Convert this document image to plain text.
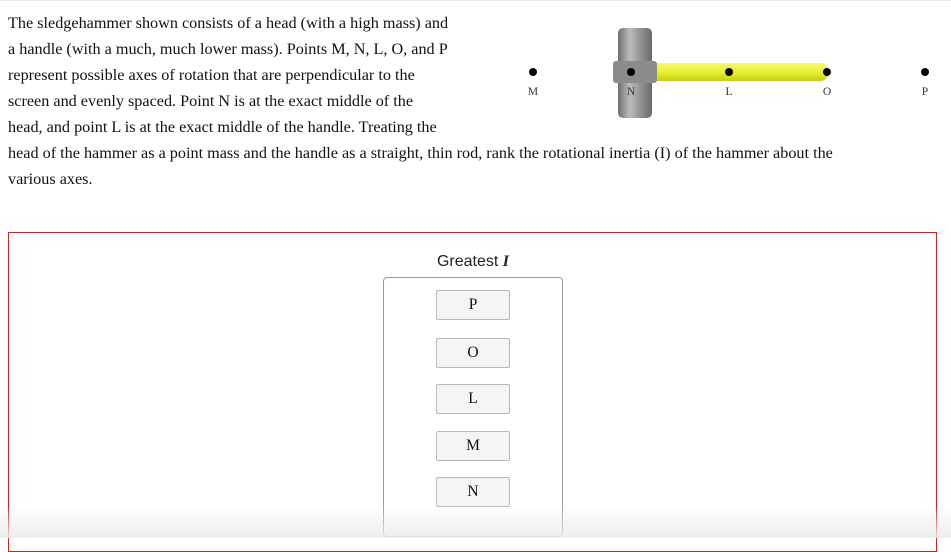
The sledgehammer shown consists of a head (with a high mass) and
a handle (with a much, much lower mass). Points M, N, L, O, and P
represent possible axes of rotation that are perpendicular to the
screen and evenly spaced. Point N is at the exact middle of the
head, and point L is at the exact middle of the handle. Treating the

head of the hammer as a point mass and the handle as a straight, thin rod, rank the rotational inertia (I) of the hammer about the
various axes.

M	N	L	O	P
Greatest I
P
O
L
M
N
